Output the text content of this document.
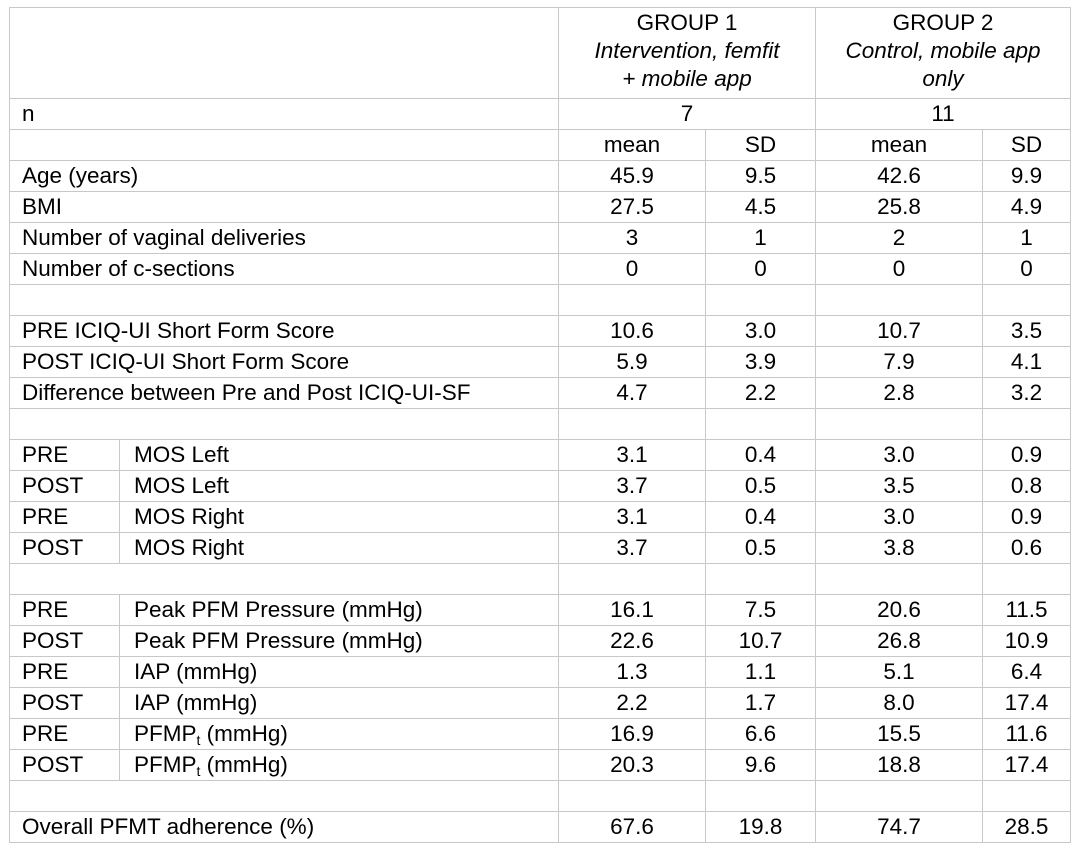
		GROUP 1
Intervention, femfit
+ mobile app		GROUP 2
Control, mobile app
only	

n		7		11	
		mean	SD	mean	SD
Age (years)		45.9	9.5	42.6	9.9
BMI		27.5	4.5	25.8	4.9
Number of vaginal deliveries		3	1	2	1
Number of c-sections		0	0	0	0

PRE ICIQ-UI Short Form Score		10.6	3.0	10.7	3.5
POST ICIQ-UI Short Form Score		5.9	3.9	7.9	4.1
Difference between Pre and Post ICIQ-UI-SF		4.7	2.2	2.8	3.2

PRE	MOS Left	3.1	0.4	3.0	0.9
POST	MOS Left	3.7	0.5	3.5	0.8
PRE	MOS Right	3.1	0.4	3.0	0.9
POST	MOS Right	3.7	0.5	3.8	0.6

PRE	Peak PFM Pressure (mmHg)	16.1	7.5	20.6	11.5
POST	Peak PFM Pressure (mmHg)	22.6	10.7	26.8	10.9
PRE	IAP (mmHg)	1.3	1.1	5.1	6.4
POST	IAP (mmHg)	2.2	1.7	8.0	17.4
PRE	$PFMP_t$ (mmHg)	16.9	6.6	15.5	11.6
POST	$PFMP_t$ (mmHg)	20.3	9.6	18.8	17.4

Overall PFMT adherence (%)		67.6	19.8	74.7	28.5
